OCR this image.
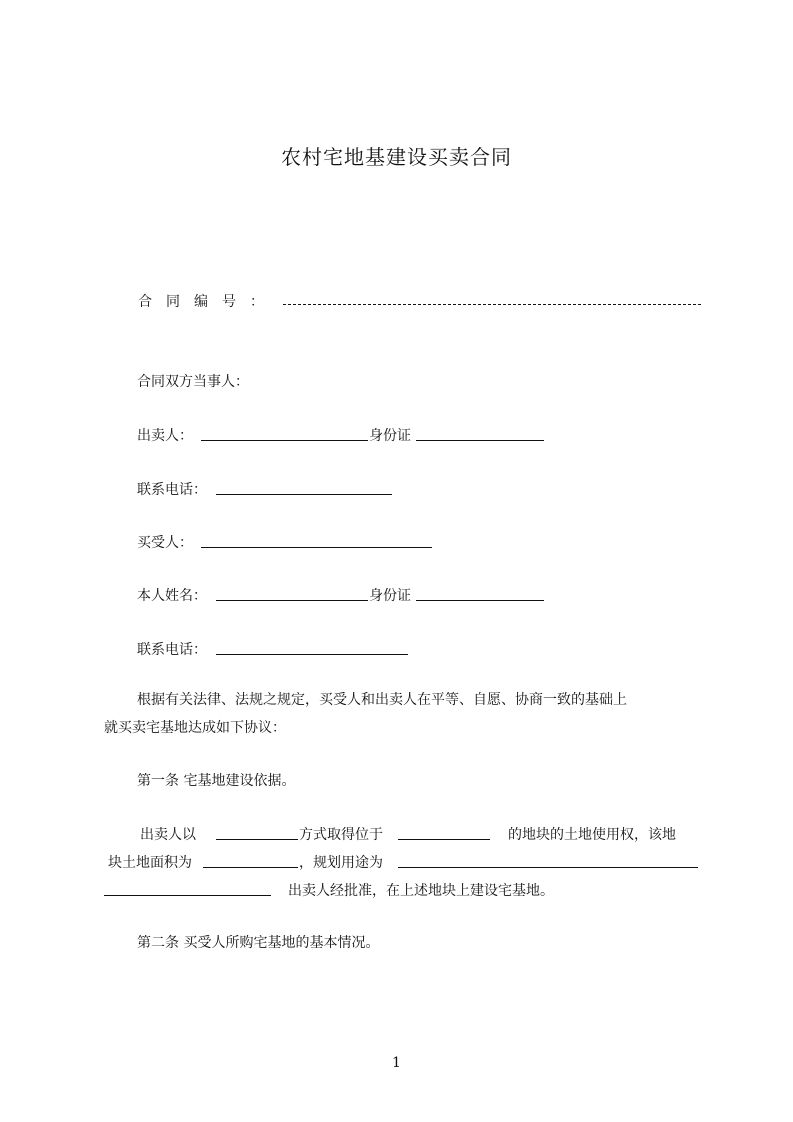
农村宅地基建设买卖合同
合同编号：
合同双方当事人：
出卖人：	身份证
联系电话：
买受人：
本人姓名：	身份证
联系电话：
根据有关法律、法规之规定，买受人和出卖人在平等、自愿、协商一致的基础上
就买卖宅基地达成如下协议：
第一条 宅基地建设依据。
出卖人以	方式取得位于	的地块的土地使用权，该地
块土地面积为	，规划用途为
出卖人经批准，在上述地块上建设宅基地。
第二条 买受人所购宅基地的基本情况。
1
